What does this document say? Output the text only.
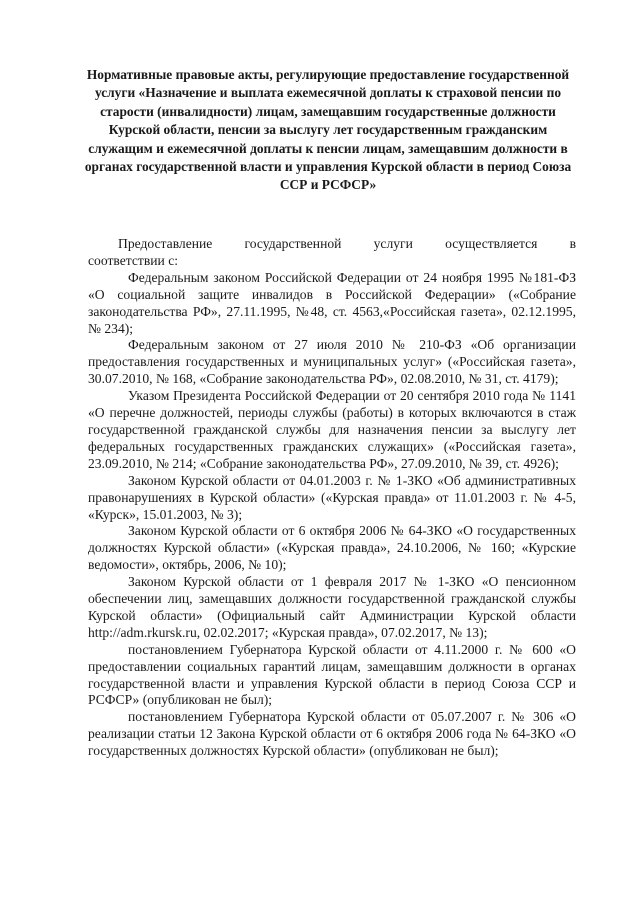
Нормативные правовые акты, регулирующие предоставление государственной услуги «Назначение и выплата ежемесячной доплаты к страховой пенсии по старости (инвалидности) лицам, замещавшим государственные должности Курской области, пенсии за выслугу лет государственным гражданским служащим и ежемесячной доплаты к пенсии лицам, замещавшим должности в органах государственной власти и управления Курской области в период Союза ССР и РСФСР»

Предоставление государственной услуги осуществляется в соответствии с:

Федеральным законом Российской Федерации от 24 ноября 1995 №181-ФЗ «О социальной защите инвалидов в Российской Федерации» («Собрание законодательства РФ», 27.11.1995, №48, ст. 4563,«Российская газета», 02.12.1995, № 234);

Федеральным законом от 27 июля 2010 № 210-ФЗ «Об организации предоставления государственных и муниципальных услуг» («Российская газета», 30.07.2010, № 168, «Собрание законодательства РФ», 02.08.2010, № 31, ст. 4179);

Указом Президента Российской Федерации от 20 сентября 2010 года № 1141 «О перечне должностей, периоды службы (работы) в которых включаются в стаж государственной гражданской службы для назначения пенсии за выслугу лет федеральных государственных гражданских служащих» («Российская газета», 23.09.2010, № 214; «Собрание законодательства РФ», 27.09.2010, № 39, ст. 4926);

Законом Курской области от 04.01.2003 г. № 1-ЗКО «Об административных правонарушениях в Курской области» («Курская правда» от 11.01.2003 г. № 4-5, «Курск», 15.01.2003, № 3);

Законом Курской области от 6 октября 2006 № 64-ЗКО «О государственных должностях Курской области» («Курская правда», 24.10.2006, № 160; «Курские ведомости», октябрь, 2006, № 10);

Законом Курской области от 1 февраля 2017 № 1-ЗКО «О пенсионном обеспечении лиц, замещавших должности государственной гражданской службы Курской области» (Официальный сайт Администрации Курской области http://adm.rkursk.ru, 02.02.2017; «Курская правда», 07.02.2017, № 13);

постановлением Губернатора Курской области от 4.11.2000 г. № 600 «О предоставлении социальных гарантий лицам, замещавшим должности в органах государственной власти и управления Курской области в период Союза ССР и РСФСР» (опубликован не был);

постановлением Губернатора Курской области от 05.07.2007 г. № 306 «О реализации статьи 12 Закона Курской области от 6 октября 2006 года № 64-ЗКО «О государственных должностях Курской области» (опубликован не был);
